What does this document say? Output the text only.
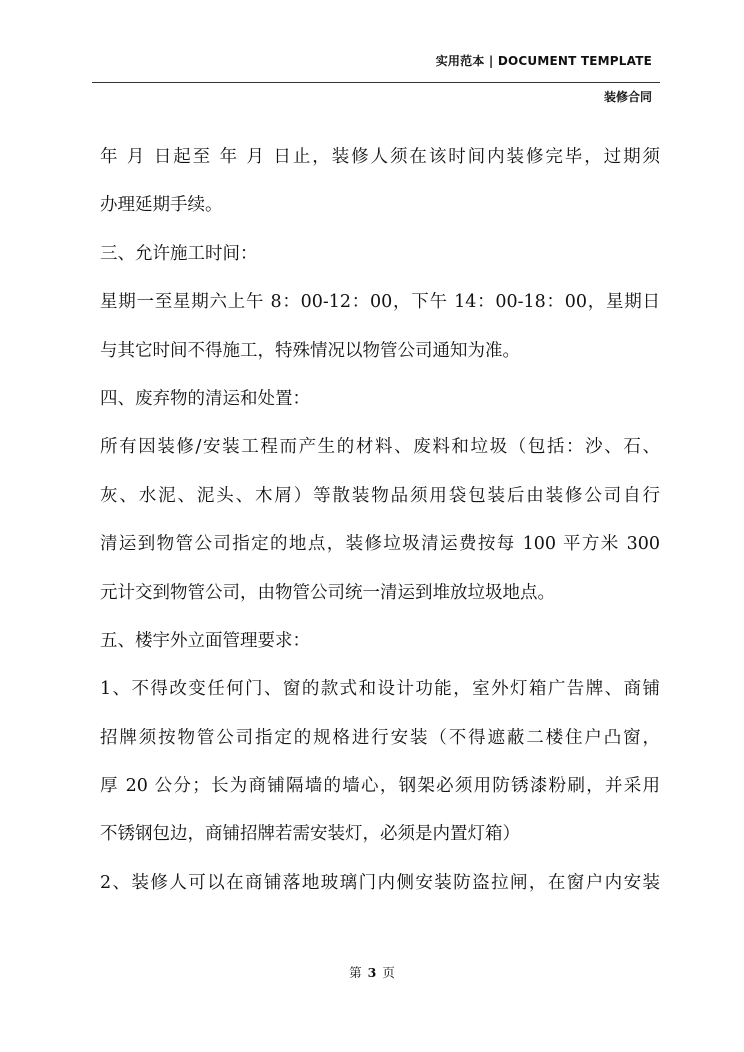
实用范本 | DOCUMENT TEMPLATE
装修合同
年 月 日起至 年 月 日止，装修人须在该时间内装修完毕，过期须
办理延期手续。
三、允许施工时间：
星期一至星期六上午 8：00-12：00，下午 14：00-18：00，星期日
与其它时间不得施工，特殊情况以物管公司通知为准。
四、废弃物的清运和处置：
所有因装修/安装工程而产生的材料、废料和垃圾（包括：沙、石、
灰、水泥、泥头、木屑）等散装物品须用袋包装后由装修公司自行
清运到物管公司指定的地点，装修垃圾清运费按每 100 平方米 300
元计交到物管公司，由物管公司统一清运到堆放垃圾地点。
五、楼宇外立面管理要求：
1、不得改变任何门、窗的款式和设计功能，室外灯箱广告牌、商铺
招牌须按物管公司指定的规格进行安装（不得遮蔽二楼住户凸窗，
厚 20 公分；长为商铺隔墙的墙心，钢架必须用防锈漆粉刷，并采用
不锈钢包边，商铺招牌若需安装灯，必须是内置灯箱）
2、装修人可以在商铺落地玻璃门内侧安装防盗拉闸，在窗户内安装
第 3 页
